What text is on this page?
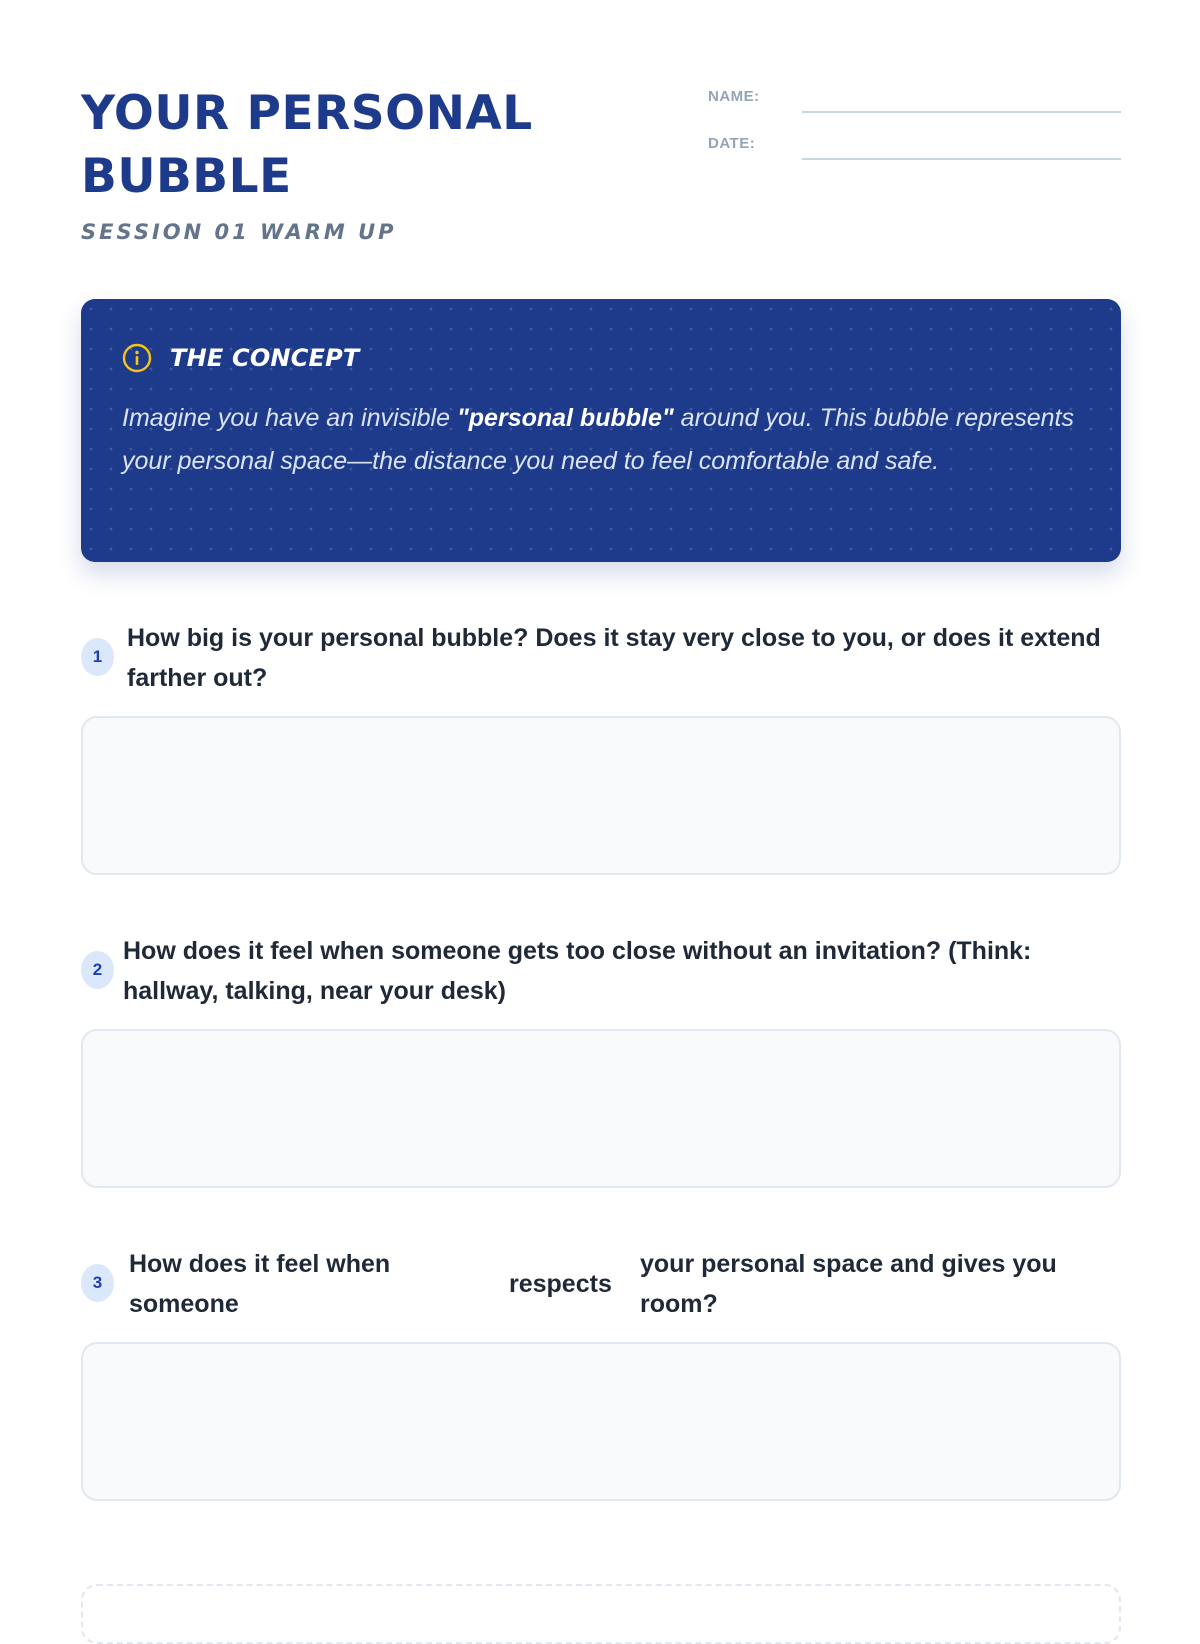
YOUR PERSONAL BUBBLE
SESSION 01 WARM UP
NAME:
DATE:
THE CONCEPT
Imagine you have an invisible "personal bubble" around you. This bubble represents your personal space—the distance you need to feel comfortable and safe.
1
How big is your personal bubble? Does it stay very close to you, or does it extend farther out?
2
How does it feel when someone gets too close without an invitation? (Think: hallway, talking, near your desk)
3
How does it feel when someone
respects
your personal space and gives you room?
